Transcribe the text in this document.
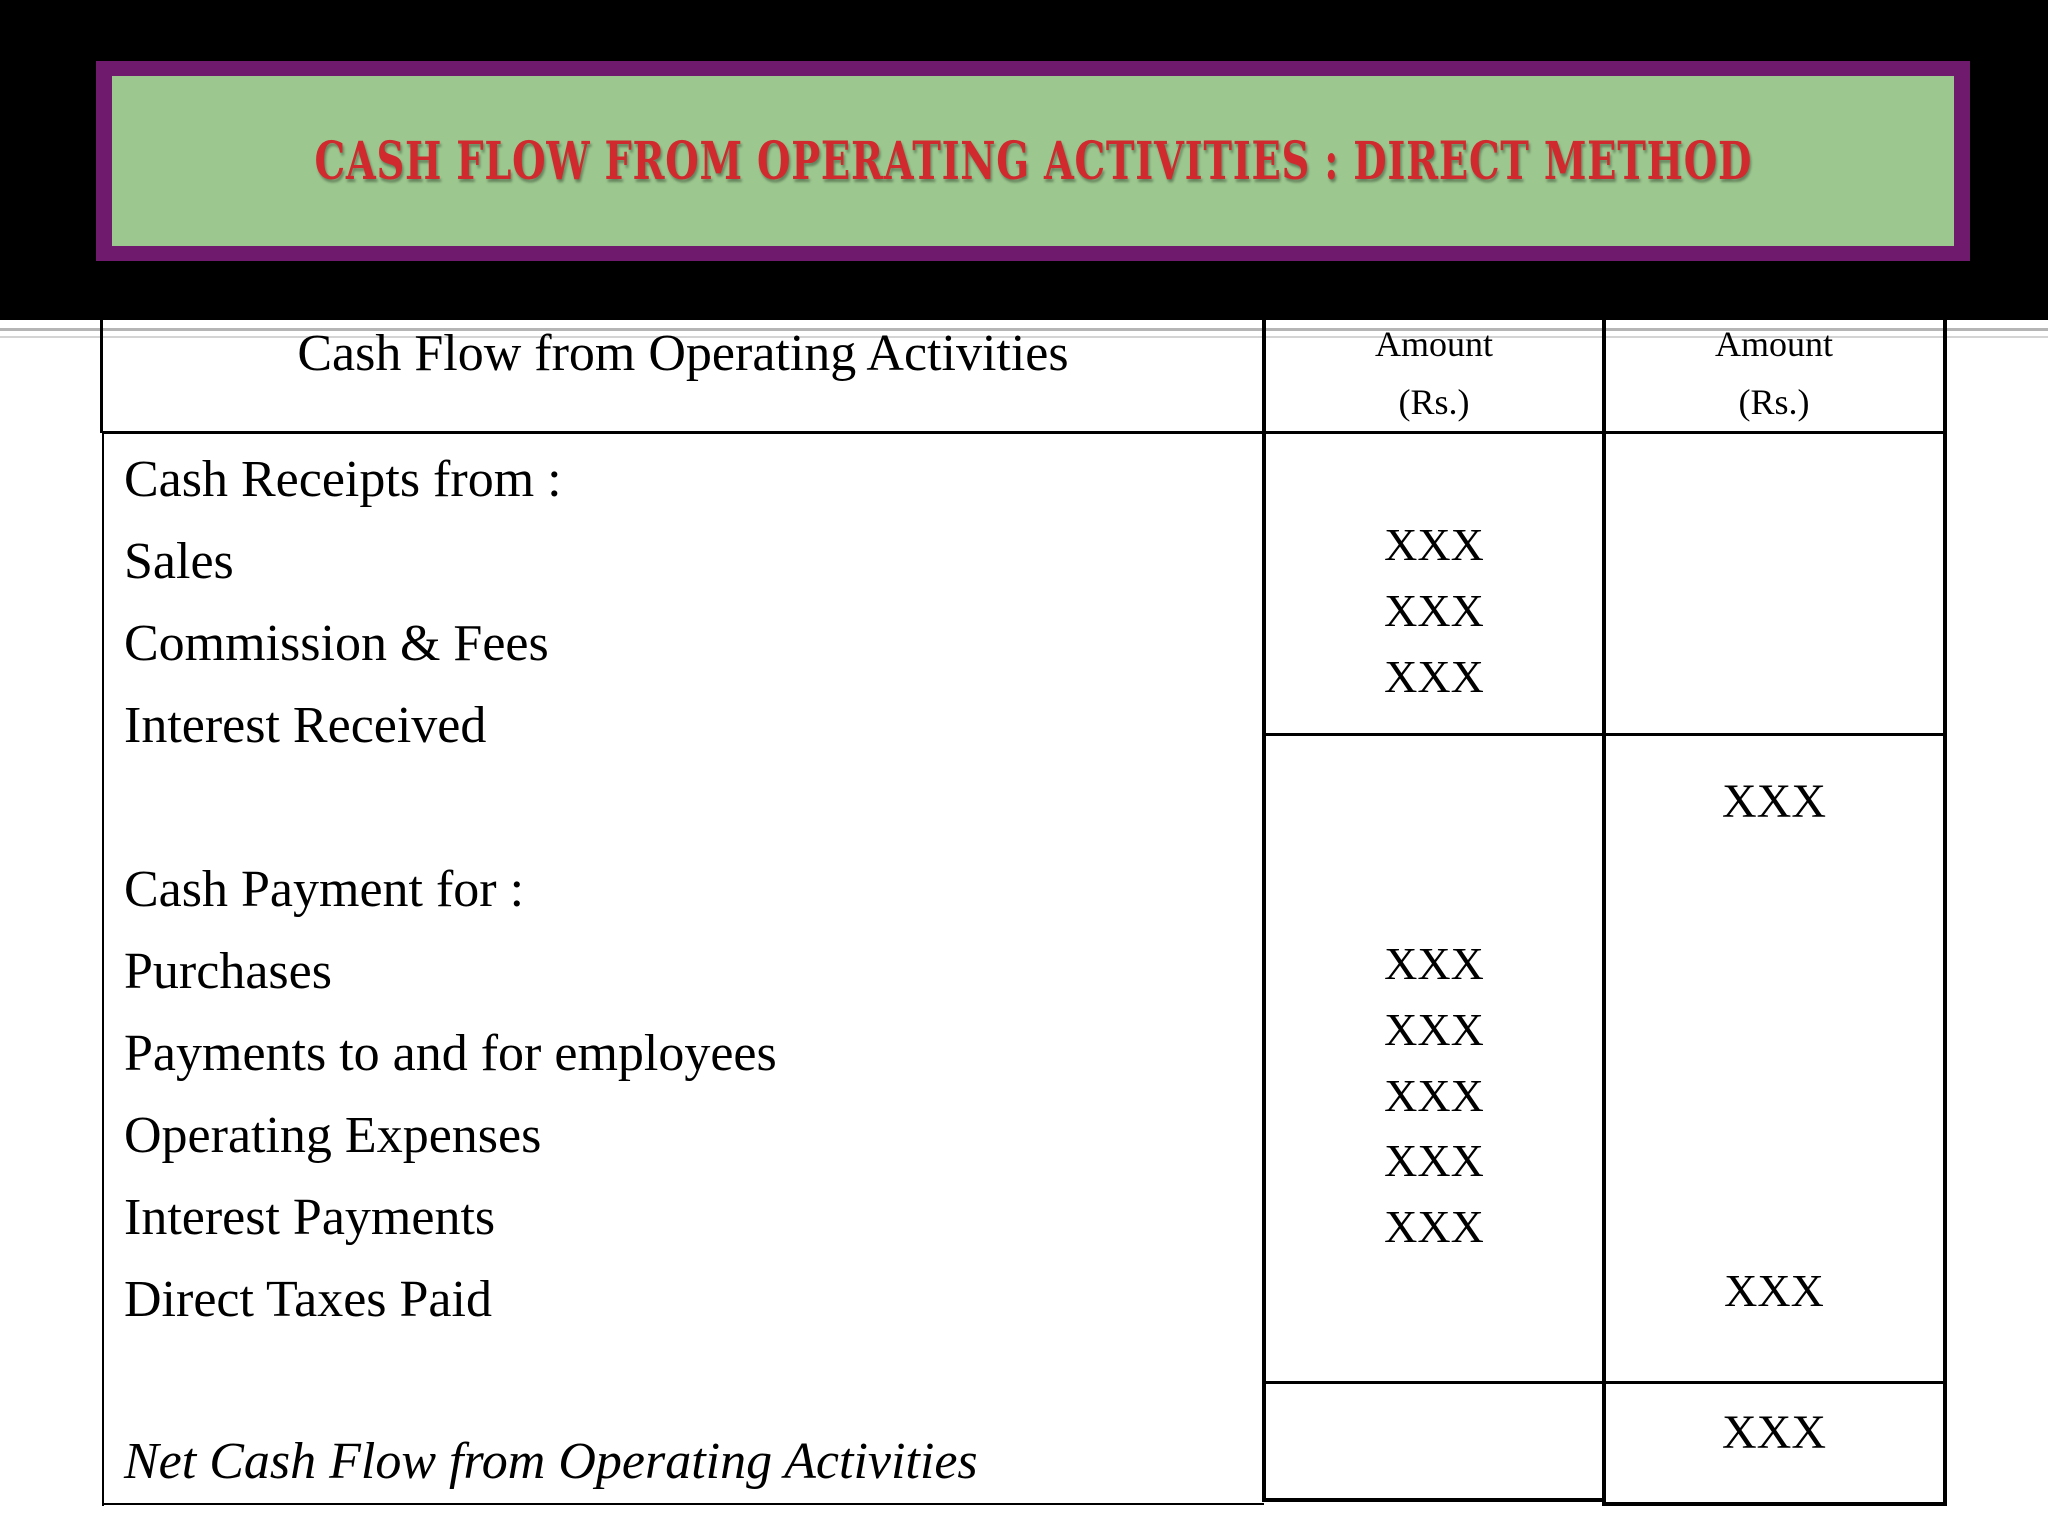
CASH FLOW FROM OPERATING ACTIVITIES : DIRECT METHOD
Cash Flow from Operating Activities	Amount
(Rs.)
Amount
(Rs.)
Cash Receipts from :
Sales
Commission & Fees
Interest Received
XXX
XXX
XXX
XXX
Cash Payment for :
Purchases
Payments to and for employees
Operating Expenses
Interest Payments
Direct Taxes Paid
XXX
XXX
XXX
XXX
XXX
XXX
Net Cash Flow from Operating Activities
XXX
